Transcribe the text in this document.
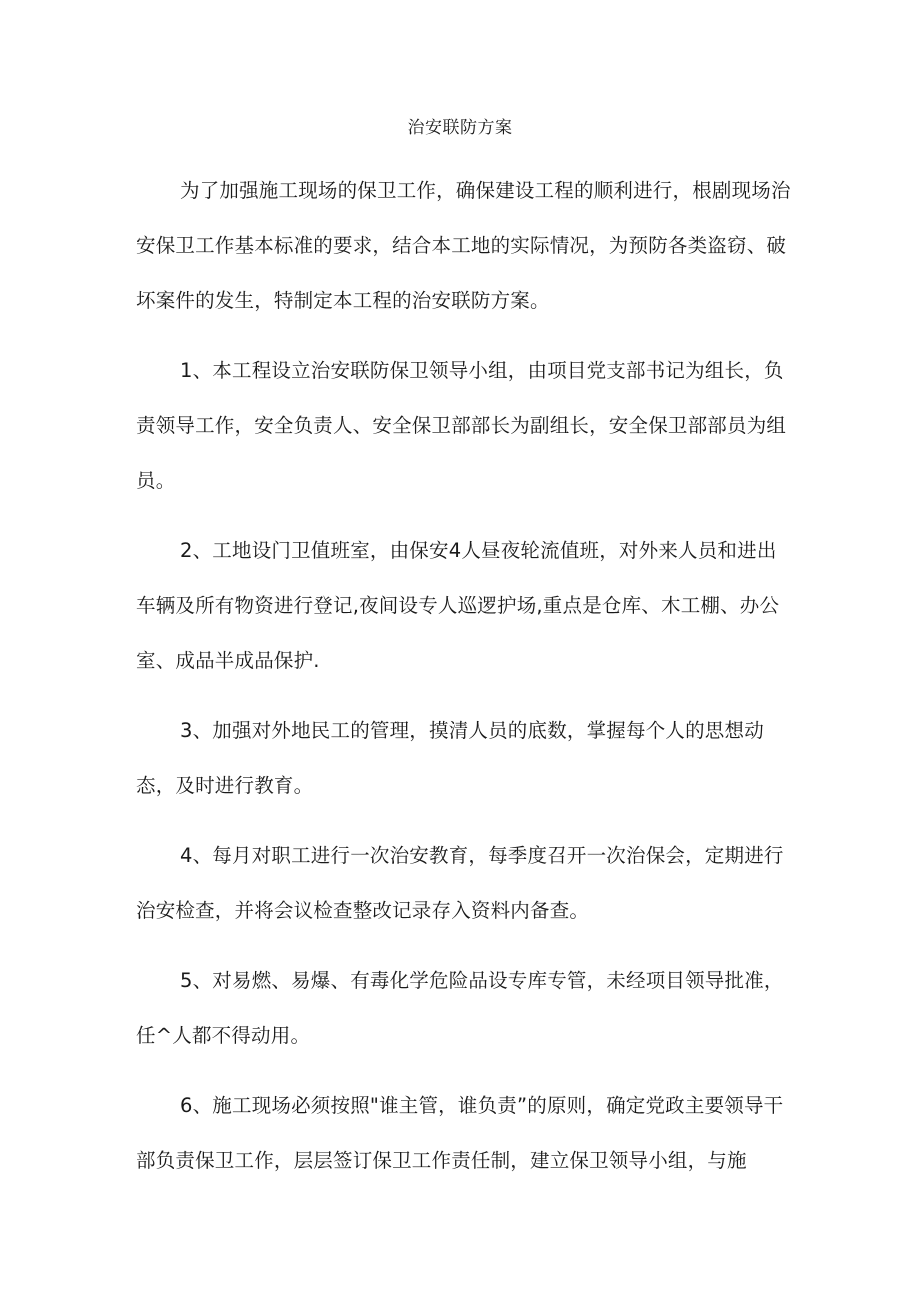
治安联防方案

为了加强施工现场的保卫工作，确保建设工程的顺利进行，根剧现场治安保卫工作基本标准的要求，结合本工地的实际情况，为预防各类盗窃、破坏案件的发生，特制定本工程的治安联防方案。

1、本工程设立治安联防保卫领导小组，由项目党支部书记为组长，负责领导工作，安全负责人、安全保卫部部长为副组长，安全保卫部部员为组员。

2、工地设门卫值班室，由保安4人昼夜轮流值班，对外来人员和进出车辆及所有物资进行登记,夜间设专人巡逻护场,重点是仓库、木工棚、办公室、成品半成品保护.

3、加强对外地民工的管理，摸清人员的底数，掌握每个人的思想动态，及时进行教育。

4、每月对职工进行一次治安教育，每季度召开一次治保会，定期进行治安检查，并将会议检查整改记录存入资料内备查。

5、对易燃、易爆、有毒化学危险品设专库专管，未经项目领导批准，任^人都不得动用。

6、施工现场必须按照"谁主管，谁负责”的原则，确定党政主要领导干部负责保卫工作，层层签订保卫工作责任制，建立保卫领导小组，与施
